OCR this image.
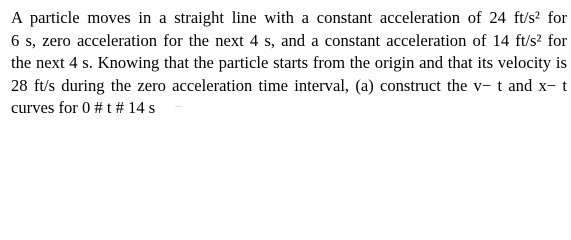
A particle moves in a straight line with a constant acceleration of 24 ft/s² for
6 s, zero acceleration for the next 4 s, and a constant acceleration of 14 ft/s² for
the next 4 s. Knowing that the particle starts from the origin and that its velocity is
28 ft/s during the zero acceleration time interval, (a) construct the v− t and x− t
curves for 0 # t # 14 s
